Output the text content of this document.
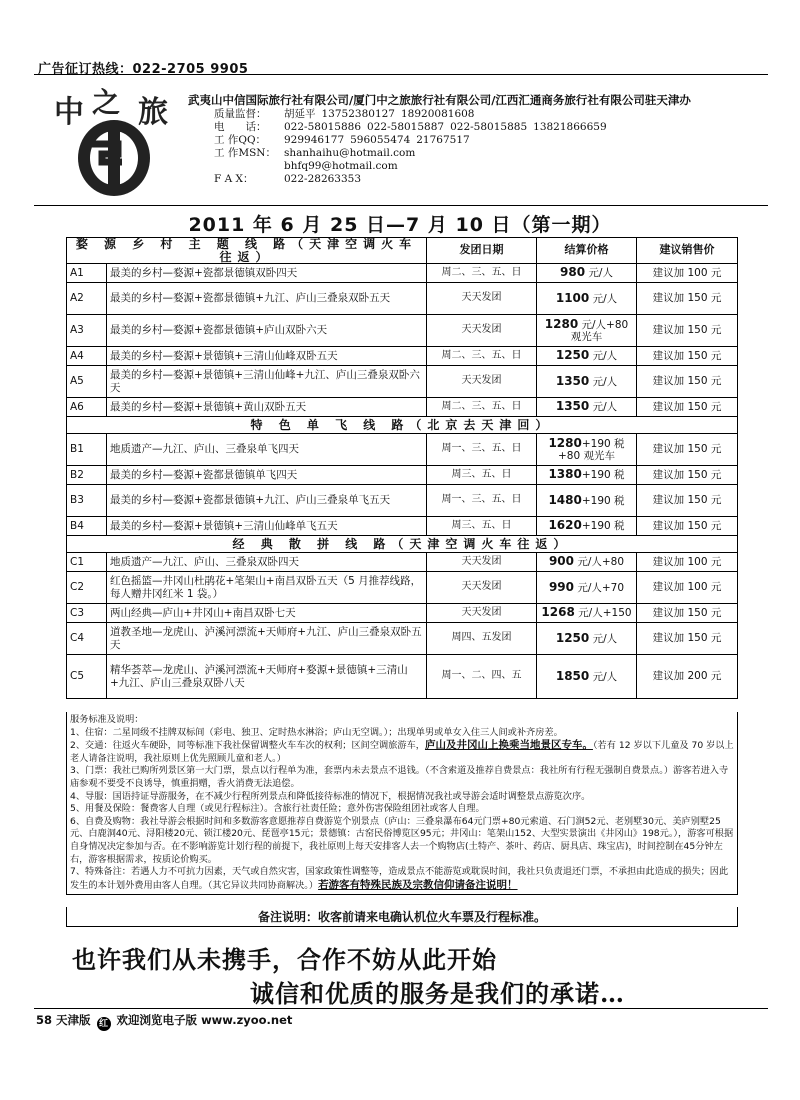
广告征订热线：022-2705 9905
中 之 旅 武夷山中信国际旅行社有限公司/厦门中之旅旅行社有限公司/江西汇通商务旅行社有限公司驻天津办
质量监督： 胡延平 13752380127 18920081608
电　　话： 022-58015886 022-58015887 022-58015885 13821866659
工 作QQ： 929946177 596055474 21767517
工 作MSN： shanhaihu@hotmail.com
bhfq99@hotmail.com
F A X：	022-28263353
2011 年 6 月 25 日—7 月 10 日（第一期）
婺 源 乡 村 主 题 线 路（天津空调火车往返）		发团日期	结算价格	建议销售价
A1	最美的乡村—婺源+瓷都景德镇双卧四天	周二、三、五、日	980 元/人	建议加 100 元
A2	最美的乡村—婺源+瓷都景德镇+九江、庐山三叠泉双卧五天	天天发团	1100 元/人	建议加 150 元
A3	最美的乡村—婺源+瓷都景德镇+庐山双卧六天	天天发团	1280 元/人+80 观光车	建议加 150 元
A4	最美的乡村—婺源+景德镇+三清山仙峰双卧五天	周二、三、五、日	1250 元/人	建议加 150 元
A5	最美的乡村—婺源+景德镇+三清山仙峰+九江、庐山三叠泉双卧六天	天天发团	1350 元/人	建议加 150 元
A6	最美的乡村—婺源+景德镇+黄山双卧五天	周二、三、五、日	1350 元/人	建议加 150 元
特 色 单 飞 线 路（北京去天津回）				
B1	地质遗产—九江、庐山、三叠泉单飞四天	周一、三、五、日	1280+190 税+80 观光车	建议加 150 元
B2	最美的乡村—婺源+瓷都景德镇单飞四天	周三、五、日	1380+190 税	建议加 150 元
B3	最美的乡村—婺源+瓷都景德镇+九江、庐山三叠泉单飞五天	周一、三、五、日	1480+190 税	建议加 150 元
B4	最美的乡村—婺源+景德镇+三清山仙峰单飞五天	周三、五、日	1620+190 税	建议加 150 元
经 典 散 拼 线 路（天津空调火车往返）				
C1	地质遗产—九江、庐山、三叠泉双卧四天	天天发团	900 元/人+80	建议加 100 元
C2	红色摇篮—井冈山杜鹃花+笔架山+南昌双卧五天（5 月推荐线路，每人赠井冈红米 1 袋。）	天天发团	990 元/人+70	建议加 100 元
C3	两山经典—庐山+井冈山+南昌双卧七天	天天发团	1268 元/人+150	建议加 150 元
C4	道教圣地—龙虎山、泸溪河漂流+天师府+九江、庐山三叠泉双卧五天	周四、五发团	1250 元/人	建议加 150 元
C5	精华荟萃—龙虎山、泸溪河漂流+天师府+婺源+景德镇+三清山+九江、庐山三叠泉双卧八天	周一、二、四、五	1850 元/人	建议加 200 元

服务标准及说明：

1、住宿：二星同级不挂牌双标间（彩电、独卫、定时热水淋浴；庐山无空调。）；出现单男或单女入住三人间或补齐房差。

2、交通：往返火车硬卧，同等标准下我社保留调整火车车次的权利；区间空调旅游车，庐山及井冈山上换乘当地景区专车。（若有 12 岁以下儿童及 70 岁以上老人请备注说明，我社原则上优先照顾儿童和老人。）

3、门票：我社已购所列景区第一大门票，景点以行程单为准，套票内未去景点不退钱。（不含索道及推荐自费景点：我社所有行程无强制自费景点。）游客若进入寺庙参观不要受不良诱导，慎重捐赠，香火消费无法追偿。

4、导服：国语持证导游服务，在不减少行程所列景点和降低接待标准的情况下，根据情况我社或导游会适时调整景点游览次序。

5、用餐及保险：餐费客人自理（或见行程标注）。含旅行社责任险；意外伤害保险组团社或客人自理。

6、自费及购物：我社导游会根据时间和多数游客意愿推荐自费游览个别景点（庐山：三叠泉瀑布64元门票+80元索道、石门涧52元、老别墅30元、美庐别墅25元、白鹿洞40元、浔阳楼20元、锁江楼20元、琵琶亭15元；景德镇：古窑民俗博览区95元；井冈山：笔架山152、大型实景演出《井冈山》198元。），游客可根据自身情况决定参加与否。在不影响游览计划行程的前提下，我社原则上每天安排客人去一个购物店(土特产、茶叶、药店、厨具店、珠宝店)，时间控制在45分钟左右，游客根据需求，按质论价购买。

7、特殊备注：若遇人力不可抗力因素，天气或自然灾害，国家政策性调整等，造成景点不能游览或耽误时间，我社只负责退还门票，不承担由此造成的损失；因此发生的本计划外费用由客人自理。（其它异议共同协商解决。）若游客有特殊民族及宗教信仰请备注说明！

备注说明：收客前请来电确认机位火车票及行程标准。
也许我们从未携手，合作不妨从此开始
诚信和优质的服务是我们的承诺…
58 天津版 红 欢迎浏览电子版 www.zyoo.net
